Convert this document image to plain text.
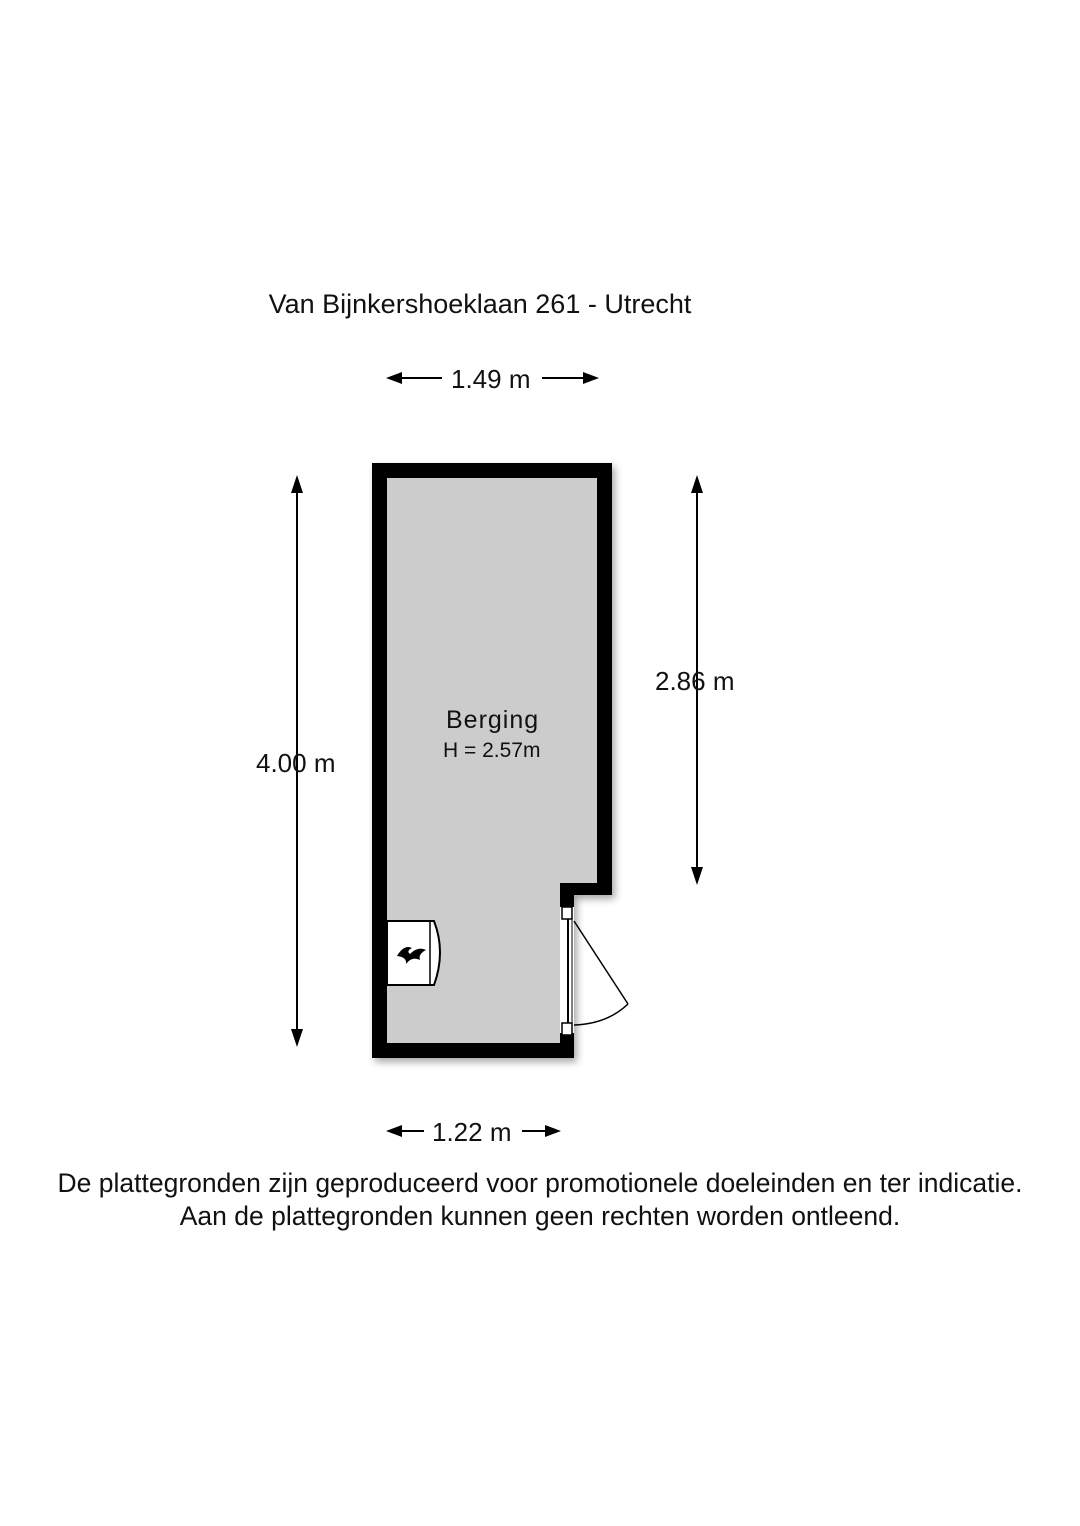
Van Bijnkershoeklaan 261 - Utrecht
1.49 m
1.22 m
4.00 m
2.86 m
Berging
H = 2.57m
De plattegronden zijn geproduceerd voor promotionele doeleinden en ter indicatie.
Aan de plattegronden kunnen geen rechten worden ontleend.
